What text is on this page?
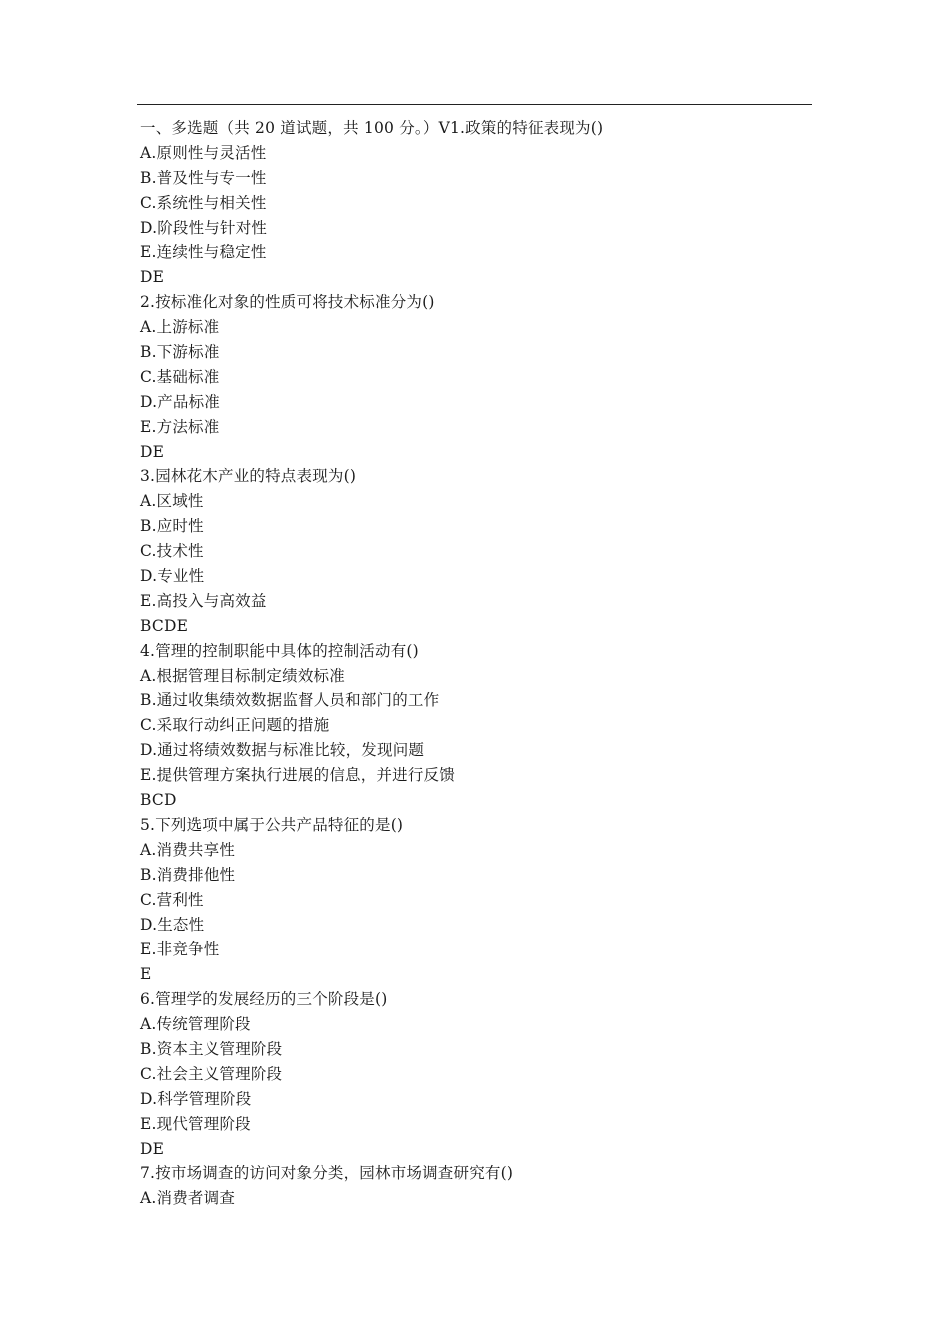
一、多选题（共 20 道试题，共 100 分。）V1.政策的特征表现为()
A.原则性与灵活性
B.普及性与专一性
C.系统性与相关性
D.阶段性与针对性
E.连续性与稳定性
DE
2.按标准化对象的性质可将技术标准分为()
A.上游标准
B.下游标准
C.基础标准
D.产品标准
E.方法标准
DE
3.园林花木产业的特点表现为()
A.区域性
B.应时性
C.技术性
D.专业性
E.高投入与高效益
BCDE
4.管理的控制职能中具体的控制活动有()
A.根据管理目标制定绩效标准
B.通过收集绩效数据监督人员和部门的工作
C.采取行动纠正问题的措施
D.通过将绩效数据与标准比较，发现问题
E.提供管理方案执行进展的信息，并进行反馈
BCD
5.下列选项中属于公共产品特征的是()
A.消费共享性
B.消费排他性
C.营利性
D.生态性
E.非竞争性
E
6.管理学的发展经历的三个阶段是()
A.传统管理阶段
B.资本主义管理阶段
C.社会主义管理阶段
D.科学管理阶段
E.现代管理阶段
DE
7.按市场调查的访问对象分类，园林市场调查研究有()
A.消费者调查
